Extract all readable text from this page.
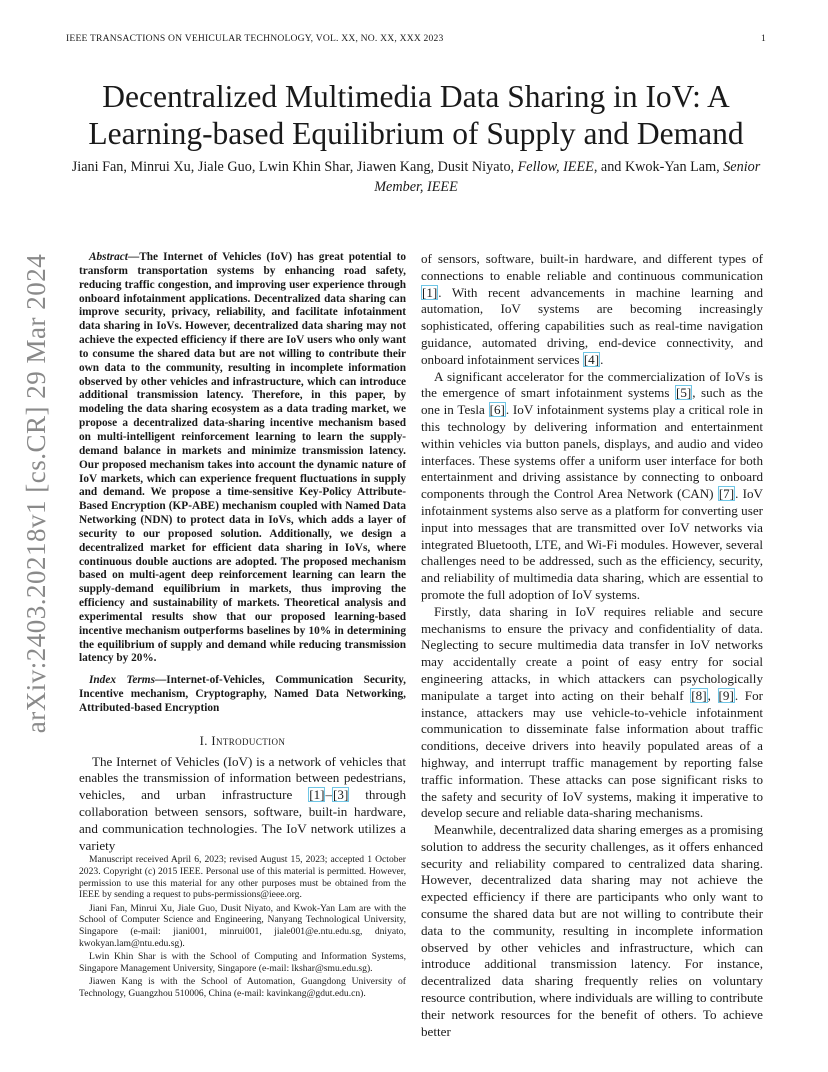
IEEE TRANSACTIONS ON VEHICULAR TECHNOLOGY, VOL. XX, NO. XX, XXX 2023	1
arXiv:2403.20218v1 [cs.CR] 29 Mar 2024
Decentralized Multimedia Data Sharing in IoV: A Learning-based Equilibrium of Supply and Demand
Jiani Fan, Minrui Xu, Jiale Guo, Lwin Khin Shar, Jiawen Kang, Dusit Niyato, Fellow, IEEE, and Kwok-Yan Lam, Senior Member, IEEE

Abstract—The Internet of Vehicles (IoV) has great potential to transform transportation systems by enhancing road safety, reducing traffic congestion, and improving user experience through onboard infotainment applications. Decentralized data sharing can improve security, privacy, reliability, and facilitate infotainment data sharing in IoVs. However, decentralized data sharing may not achieve the expected efficiency if there are IoV users who only want to consume the shared data but are not willing to contribute their own data to the community, resulting in incomplete information observed by other vehicles and infrastructure, which can introduce additional transmission latency. Therefore, in this paper, by modeling the data sharing ecosystem as a data trading market, we propose a decentralized data-sharing incentive mechanism based on multi-intelligent reinforcement learning to learn the supply-demand balance in markets and minimize transmission latency. Our proposed mechanism takes into account the dynamic nature of IoV markets, which can experience frequent fluctuations in supply and demand. We propose a time-sensitive Key-Policy Attribute-Based Encryption (KP-ABE) mechanism coupled with Named Data Networking (NDN) to protect data in IoVs, which adds a layer of security to our proposed solution. Additionally, we design a decentralized market for efficient data sharing in IoVs, where continuous double auctions are adopted. The proposed mechanism based on multi-agent deep reinforcement learning can learn the supply-demand equilibrium in markets, thus improving the efficiency and sustainability of markets. Theoretical analysis and experimental results show that our proposed learning-based incentive mechanism outperforms baselines by 10% in determining the equilibrium of supply and demand while reducing transmission latency by 20%.

Index Terms—Internet-of-Vehicles, Communication Security, Incentive mechanism, Cryptography, Named Data Networking, Attributed-based Encryption

I. Introduction

The Internet of Vehicles (IoV) is a network of vehicles that enables the transmission of information between pedestrians, vehicles, and urban infrastructure [1]–[3] through collaboration between sensors, software, built-in hardware, and communication technologies. The IoV network utilizes a variety

Manuscript received April 6, 2023; revised August 15, 2023; accepted 1 October 2023. Copyright (c) 2015 IEEE. Personal use of this material is permitted. However, permission to use this material for any other purposes must be obtained from the IEEE by sending a request to pubs-permissions@ieee.org.

Jiani Fan, Minrui Xu, Jiale Guo, Dusit Niyato, and Kwok-Yan Lam are with the School of Computer Science and Engineering, Nanyang Technological University, Singapore (e-mail: jiani001, minrui001, jiale001@e.ntu.edu.sg, dniyato, kwokyan.lam@ntu.edu.sg).

Lwin Khin Shar is with the School of Computing and Information Systems, Singapore Management University, Singapore (e-mail: lkshar@smu.edu.sg).

Jiawen Kang is with the School of Automation, Guangdong University of Technology, Guangzhou 510006, China (e-mail: kavinkang@gdut.edu.cn).

of sensors, software, built-in hardware, and different types of connections to enable reliable and continuous communication [1]. With recent advancements in machine learning and automation, IoV systems are becoming increasingly sophisticated, offering capabilities such as real-time navigation guidance, automated driving, end-device connectivity, and onboard infotainment services [4].

A significant accelerator for the commercialization of IoVs is the emergence of smart infotainment systems [5], such as the one in Tesla [6]. IoV infotainment systems play a critical role in this technology by delivering information and entertainment within vehicles via button panels, displays, and audio and video interfaces. These systems offer a uniform user interface for both entertainment and driving assistance by connecting to onboard components through the Control Area Network (CAN) [7]. IoV infotainment systems also serve as a platform for converting user input into messages that are transmitted over IoV networks via integrated Bluetooth, LTE, and Wi-Fi modules. However, several challenges need to be addressed, such as the efficiency, security, and reliability of multimedia data sharing, which are essential to promote the full adoption of IoV systems.

Firstly, data sharing in IoV requires reliable and secure mechanisms to ensure the privacy and confidentiality of data. Neglecting to secure multimedia data transfer in IoV networks may accidentally create a point of easy entry for social engineering attacks, in which attackers can psychologically manipulate a target into acting on their behalf [8], [9]. For instance, attackers may use vehicle-to-vehicle infotainment communication to disseminate false information about traffic conditions, deceive drivers into heavily populated areas of a highway, and interrupt traffic management by reporting false traffic information. These attacks can pose significant risks to the safety and security of IoV systems, making it imperative to develop secure and reliable data-sharing mechanisms.

Meanwhile, decentralized data sharing emerges as a promising solution to address the security challenges, as it offers enhanced security and reliability compared to centralized data sharing. However, decentralized data sharing may not achieve the expected efficiency if there are participants who only want to consume the shared data but are not willing to contribute their data to the community, resulting in incomplete information observed by other vehicles and infrastructure, which can introduce additional transmission latency. For instance, decentralized data sharing frequently relies on voluntary resource contribution, where individuals are willing to contribute their network resources for the benefit of others. To achieve better
